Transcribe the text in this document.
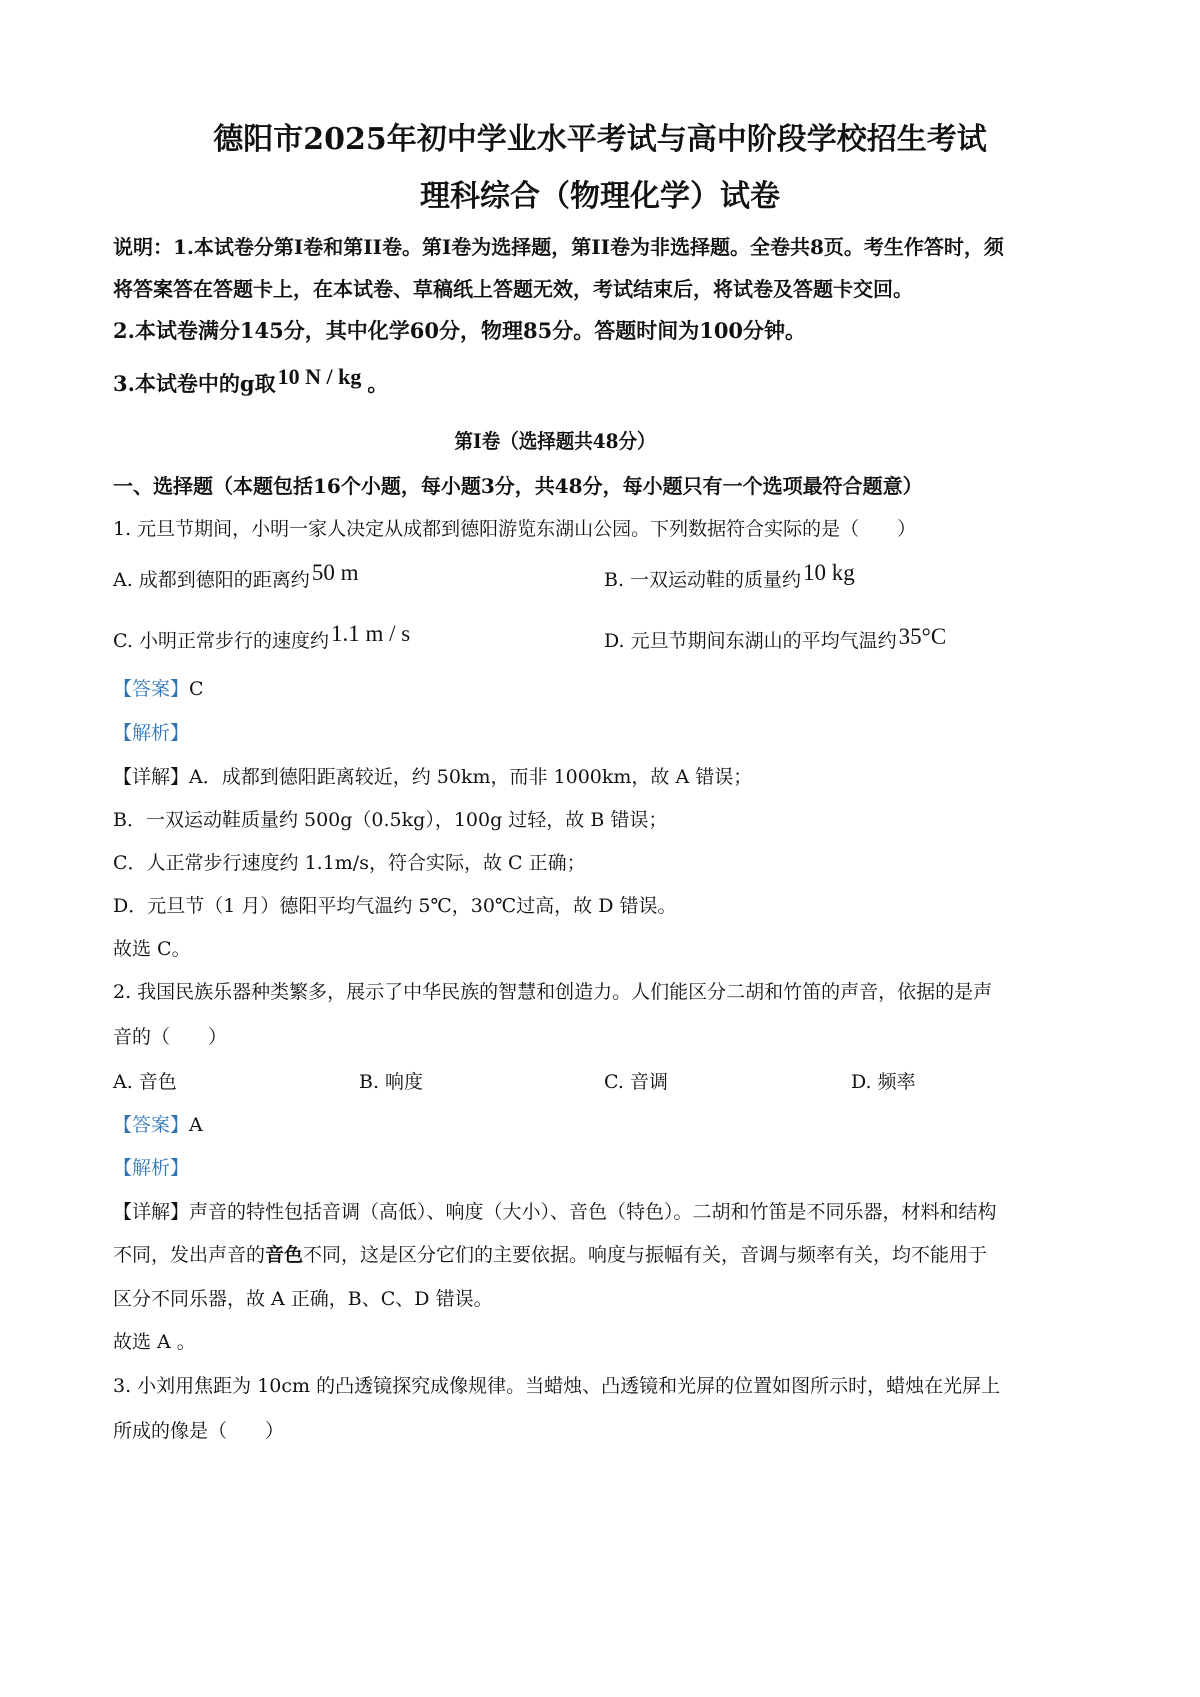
德阳市2025年初中学业水平考试与高中阶段学校招生考试
理科综合（物理化学）试卷
说明：1.本试卷分第I卷和第II卷。第I卷为选择题，第II卷为非选择题。全卷共8页。考生作答时，须
将答案答在答题卡上，在本试卷、草稿纸上答题无效，考试结束后，将试卷及答题卡交回。
2.本试卷满分145分，其中化学60分，物理85分。答题时间为100分钟。
3.本试卷中的g取10 N / kg 。
第I卷（选择题共48分）
一、选择题（本题包括16个小题，每小题3分，共48分，每小题只有一个选项最符合题意）
1. 元旦节期间，小明一家人决定从成都到德阳游览东湖山公园。下列数据符合实际的是（　　）
A. 成都到德阳的距离约50 m	B. 一双运动鞋的质量约10 kg
C. 小明正常步行的速度约1.1 m / s	D. 元旦节期间东湖山的平均气温约35°C
【答案】C
【解析】
【详解】A．成都到德阳距离较近，约 50km，而非 1000km，故 A 错误；
B．一双运动鞋质量约 500g（0.5kg），100g 过轻，故 B 错误；
C．人正常步行速度约 1.1m/s，符合实际，故 C 正确；
D．元旦节（1 月）德阳平均气温约 5℃，30℃过高，故 D 错误。
故选 C。
2. 我国民族乐器种类繁多，展示了中华民族的智慧和创造力。人们能区分二胡和竹笛的声音，依据的是声
音的（　　）
A. 音色	B. 响度	C. 音调	D. 频率
【答案】A
【解析】
【详解】声音的特性包括音调（高低）、响度（大小）、音色（特色）。二胡和竹笛是不同乐器，材料和结构
不同，发出声音的音色不同，这是区分它们的主要依据。响度与振幅有关，音调与频率有关，均不能用于
区分不同乐器，故 A 正确，B、C、D 错误。
故选 A 。
3. 小刘用焦距为 10cm 的凸透镜探究成像规律。当蜡烛、凸透镜和光屏的位置如图所示时，蜡烛在光屏上
所成的像是（　　）
